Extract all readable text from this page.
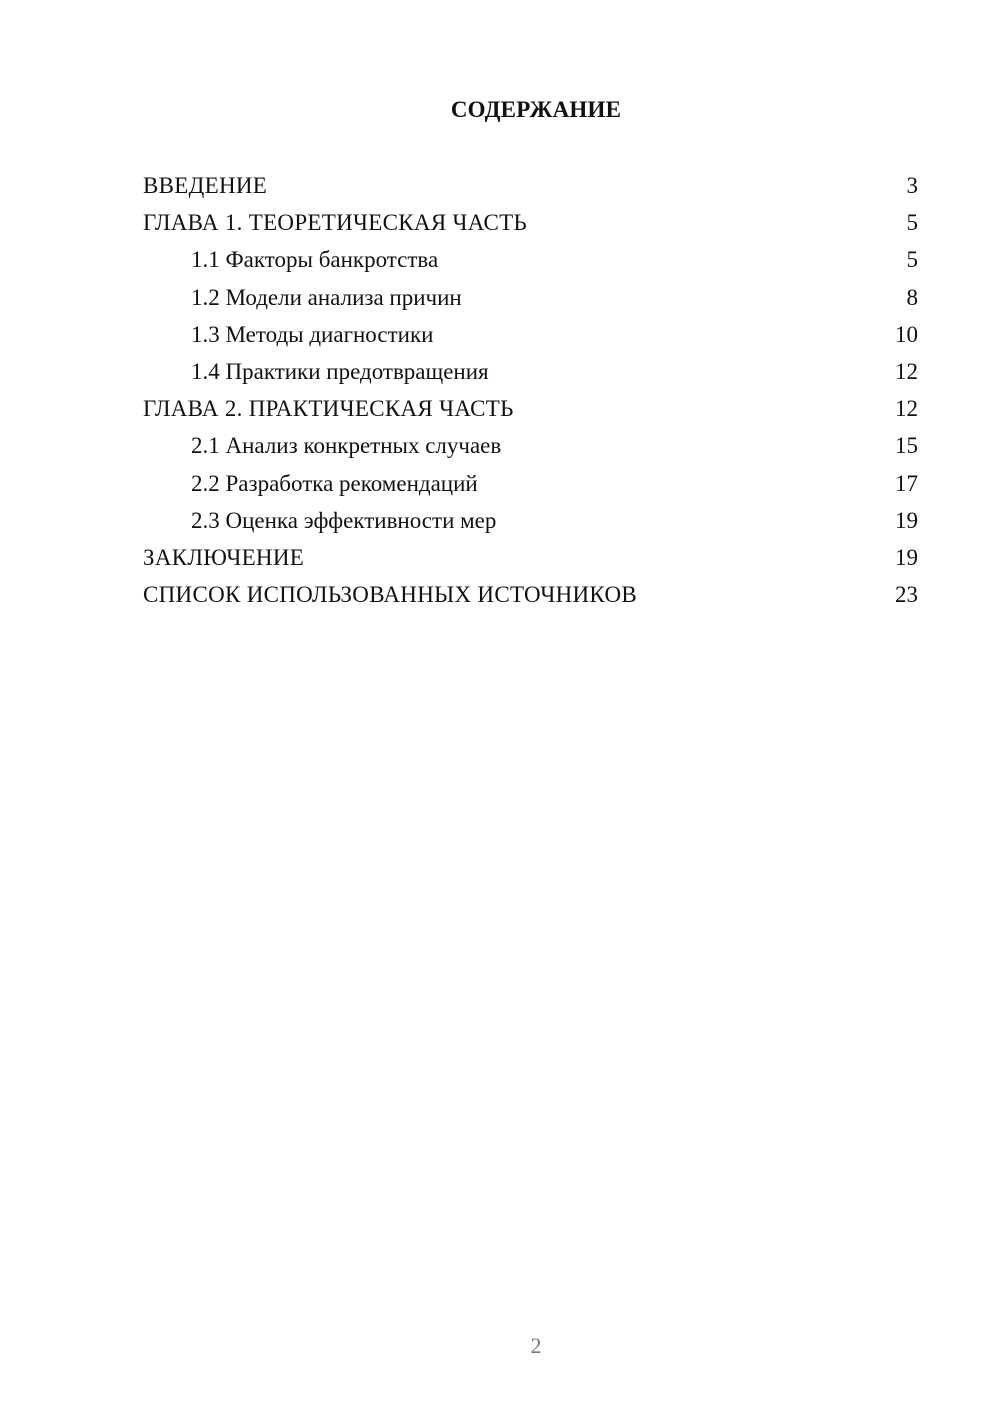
СОДЕРЖАНИЕ
ВВЕДЕНИЕ	3
ГЛАВА 1. ТЕОРЕТИЧЕСКАЯ ЧАСТЬ	5
1.1 Факторы банкротства	5
1.2 Модели анализа причин	8
1.3 Методы диагностики	10
1.4 Практики предотвращения	12
ГЛАВА 2. ПРАКТИЧЕСКАЯ ЧАСТЬ	12
2.1 Анализ конкретных случаев	15
2.2 Разработка рекомендаций	17
2.3 Оценка эффективности мер	19
ЗАКЛЮЧЕНИЕ	19
СПИСОК ИСПОЛЬЗОВАННЫХ ИСТОЧНИКОВ	23
2
